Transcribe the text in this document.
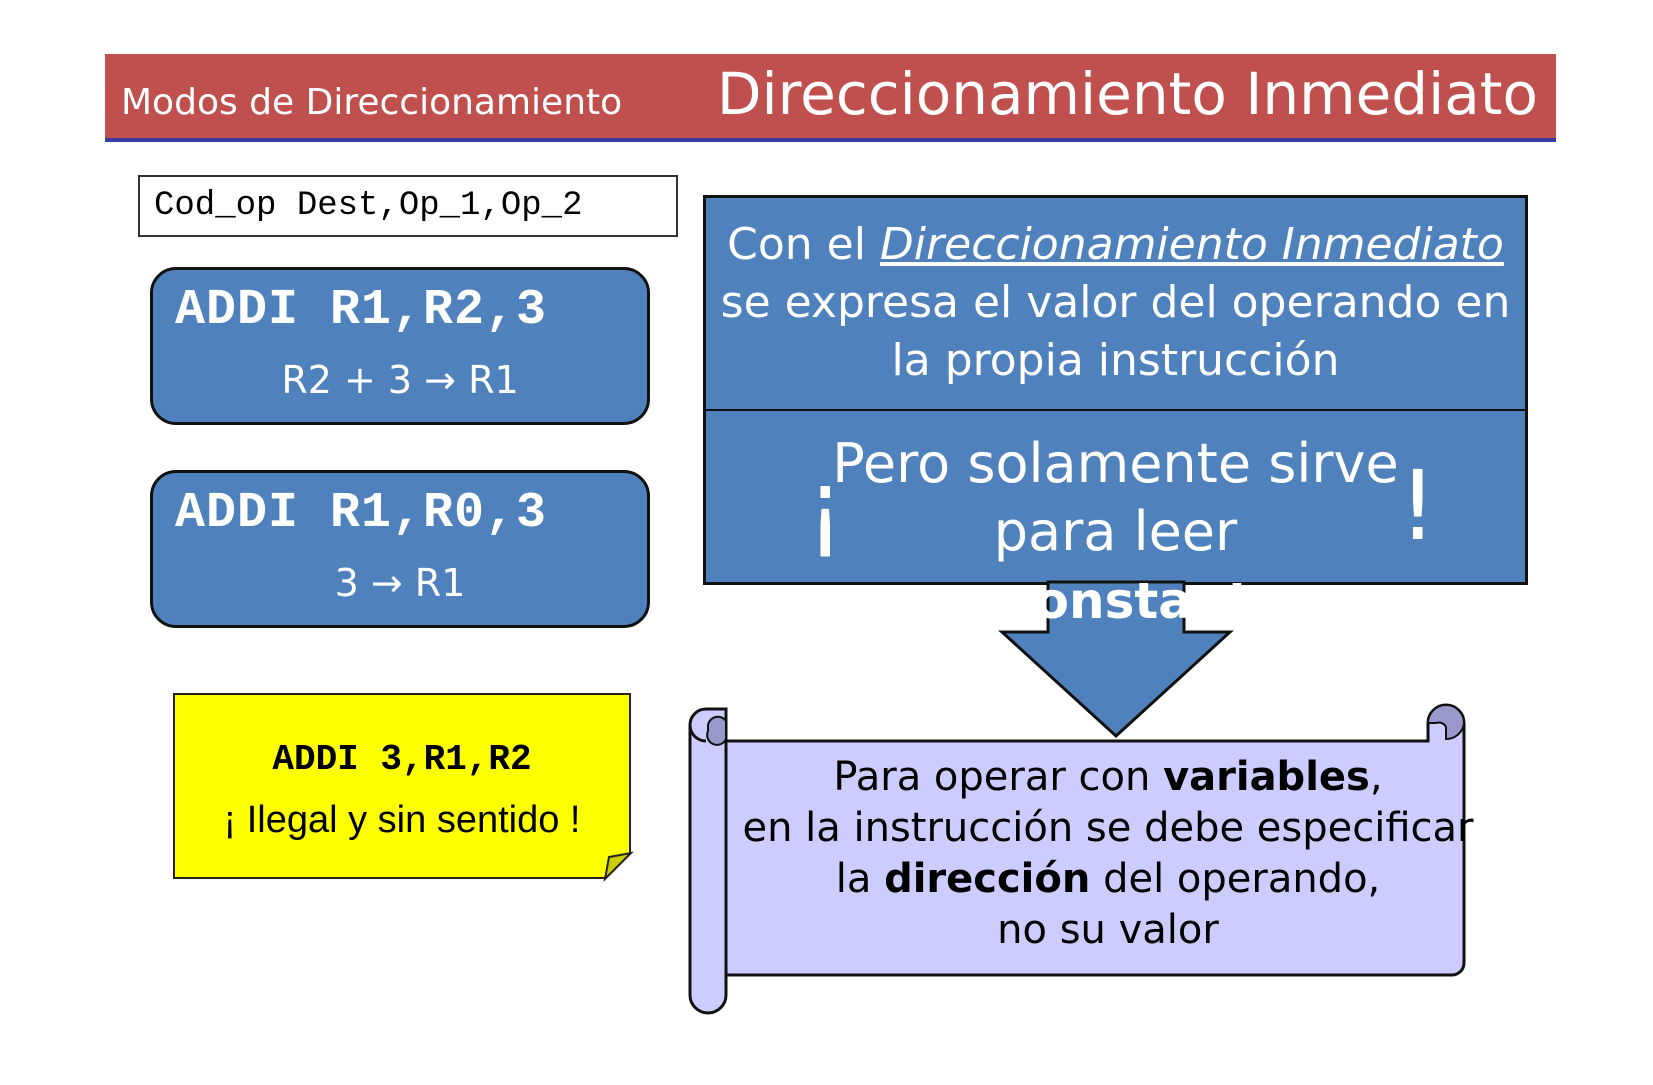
Modos de Direccionamiento Direccionamiento Inmediato
Cod_op Dest,Op_1,Op_2
ADDI R1,R2,3
R2 + 3 → R1
ADDI R1,R0,3
3 → R1
ADDI 3,R1,R2
¡ Ilegal y sin sentido !
Con el Direccionamiento Inmediato se expresa el valor del operando en la propia instrucción
¡
Pero solamente sirve
para leer	!
constantes
Para operar con variables,
en la instrucción se debe especificar
la dirección del operando,
no su valor
